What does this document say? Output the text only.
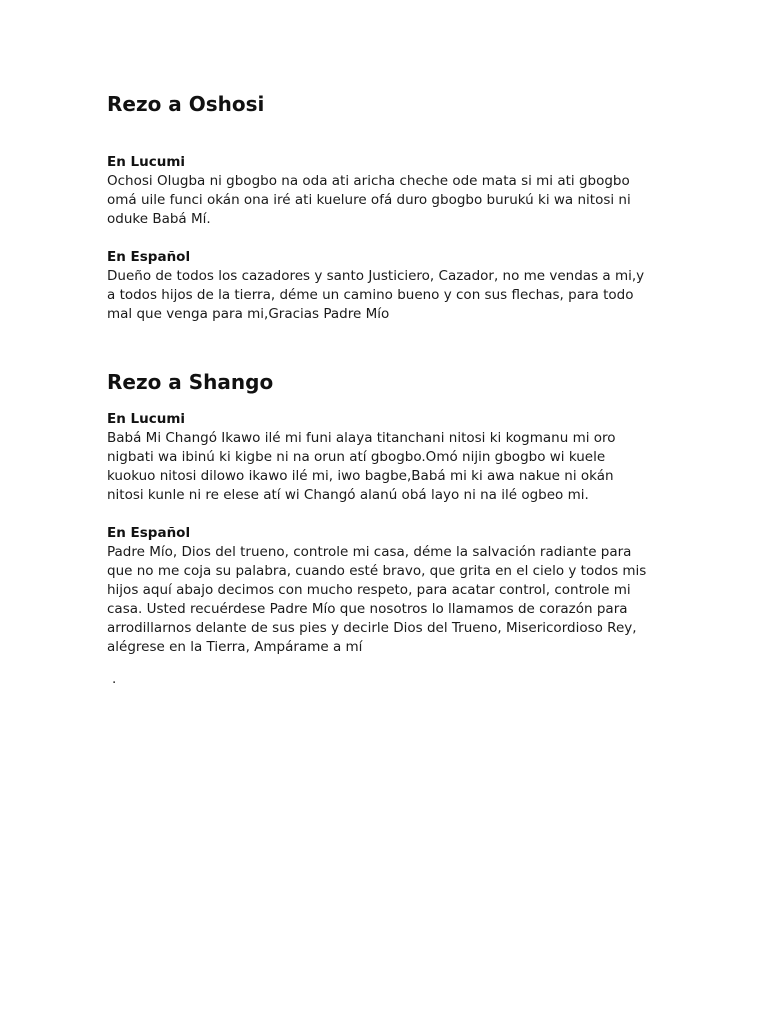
Rezo a Oshosi

En Lucumi

Ochosi Olugba ni gbogbo na oda ati aricha cheche ode mata si mi ati gbogbo
omá uile funci okán ona iré ati kuelure ofá duro gbogbo burukú ki wa nitosi ni
oduke Babá Mí.

En Español

Dueño de todos los cazadores y santo Justiciero, Cazador, no me vendas a mi,y
a todos hijos de la tierra, déme un camino bueno y con sus flechas, para todo
mal que venga para mi,Gracias Padre Mío
Rezo a Shango

En Lucumi

Babá Mi Changó Ikawo ilé mi funi alaya titanchani nitosi ki kogmanu mi oro
nigbati wa ibinú ki kigbe ni na orun atí gbogbo.Omó nijin gbogbo wi kuele
kuokuo nitosi dilowo ikawo ilé mi, iwo bagbe,Babá mi ki awa nakue ni okán
nitosi kunle ni re elese atí wi Changó alanú obá layo ni na ilé ogbeo mi.

En Español

Padre Mío, Dios del trueno, controle mi casa, déme la salvación radiante para
que no me coja su palabra, cuando esté bravo, que grita en el cielo y todos mis
hijos aquí abajo decimos con mucho respeto, para acatar control, controle mi
casa. Usted recuérdese Padre Mío que nosotros lo llamamos de corazón para
arrodillarnos delante de sus pies y decirle Dios del Trueno, Misericordioso Rey,
alégrese en la Tierra, Ampárame a mí

.
